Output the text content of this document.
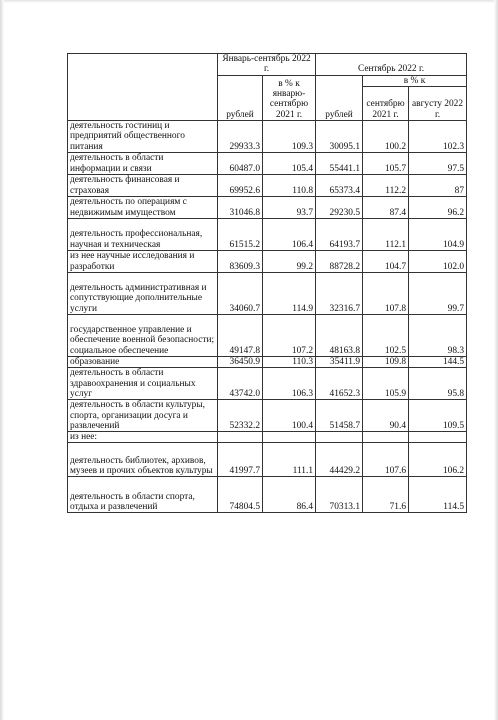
	Январь-сентябрь 2022 г.		Сентябрь 2022 г.		
	рублей	в % к январю-сентябрю 2021 г.	рублей	в % к	
				сентябрю 2021 г.	августу 2022 г.
деятельность гостиниц и предприятий общественного питания	29933.3	109.3	30095.1	100.2	102.3
деятельность в области информации и связи	60487.0	105.4	55441.1	105.7	97.5
деятельность финансовая и страховая	69952.6	110.8	65373.4	112.2	87
деятельность по операциям с недвижимым имуществом	31046.8	93.7	29230.5	87.4	96.2
деятельность профессиональная, научная и техническая	61515.2	106.4	64193.7	112.1	104.9
из нее научные исследования и разработки	83609.3	99.2	88728.2	104.7	102.0
деятельность административная и сопутствующие дополнительные услуги	34060.7	114.9	32316.7	107.8	99.7
государственное управление и обеспечение военной безопасности; социальное обеспечение	49147.8	107.2	48163.8	102.5	98.3
образование	36450.9	110.3	35411.9	109.8	144.5
деятельность в области здравоохранения и социальных услуг	43742.0	106.3	41652.3	105.9	95.8
деятельность в области культуры, спорта, организации досуга и развлечений	52332.2	100.4	51458.7	90.4	109.5
из нее:					
деятельность библиотек, архивов, музеев и прочих объектов культуры	41997.7	111.1	44429.2	107.6	106.2
деятельность в области спорта, отдыха и развлечений	74804.5	86.4	70313.1	71.6	114.5
